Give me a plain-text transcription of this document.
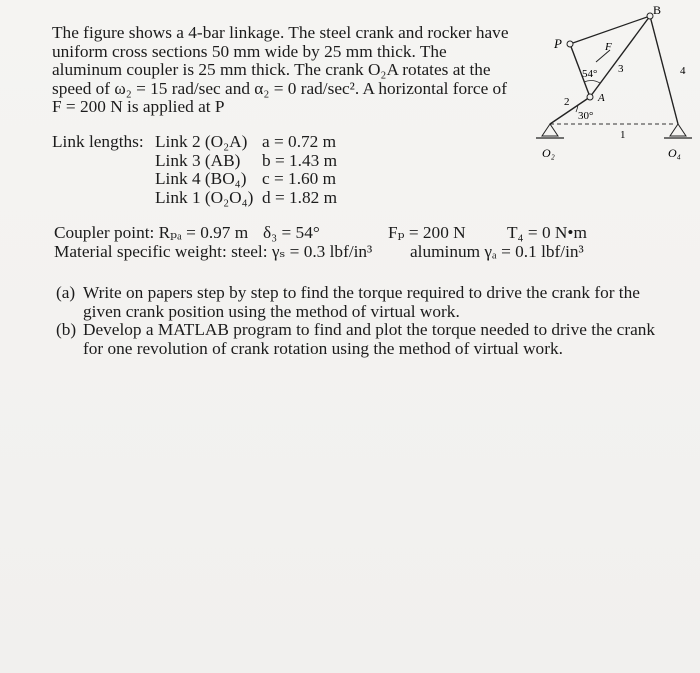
The figure shows a 4-bar linkage. The steel crank and rocker have

uniform cross sections 50 mm wide by 25 mm thick. The

aluminum coupler is 25 mm thick. The crank O₂A rotates at the

speed of ω₂ = 15 rad/sec and α₂ = 0 rad/sec². A horizontal force of

F = 200 N is applied at P

Link lengths: Link 2 (O₂A) a = 0.72 m
Link 3 (AB) b = 1.43 m
Link 4 (BO₄) c = 1.60 m
Link 1 (O₂O₄) d = 1.82 m
Coupler point: Rₚₐ = 0.97 m δ₃ = 54°	Fₚ = 200 N T₄ = 0 N•m
Material specific weight: steel: γₛ = 0.3 lbf/in³ aluminum γₐ = 0.1 lbf/in³
(a) Write on papers step by step to find the torque required to drive the crank for the given crank position using the method of virtual work.
(b) Develop a MATLAB program to find and plot the torque needed to drive the crank for one revolution of crank rotation using the method of virtual work.
B
P	F
3	4
2
1
A
54°
30°
O₂	O₄
